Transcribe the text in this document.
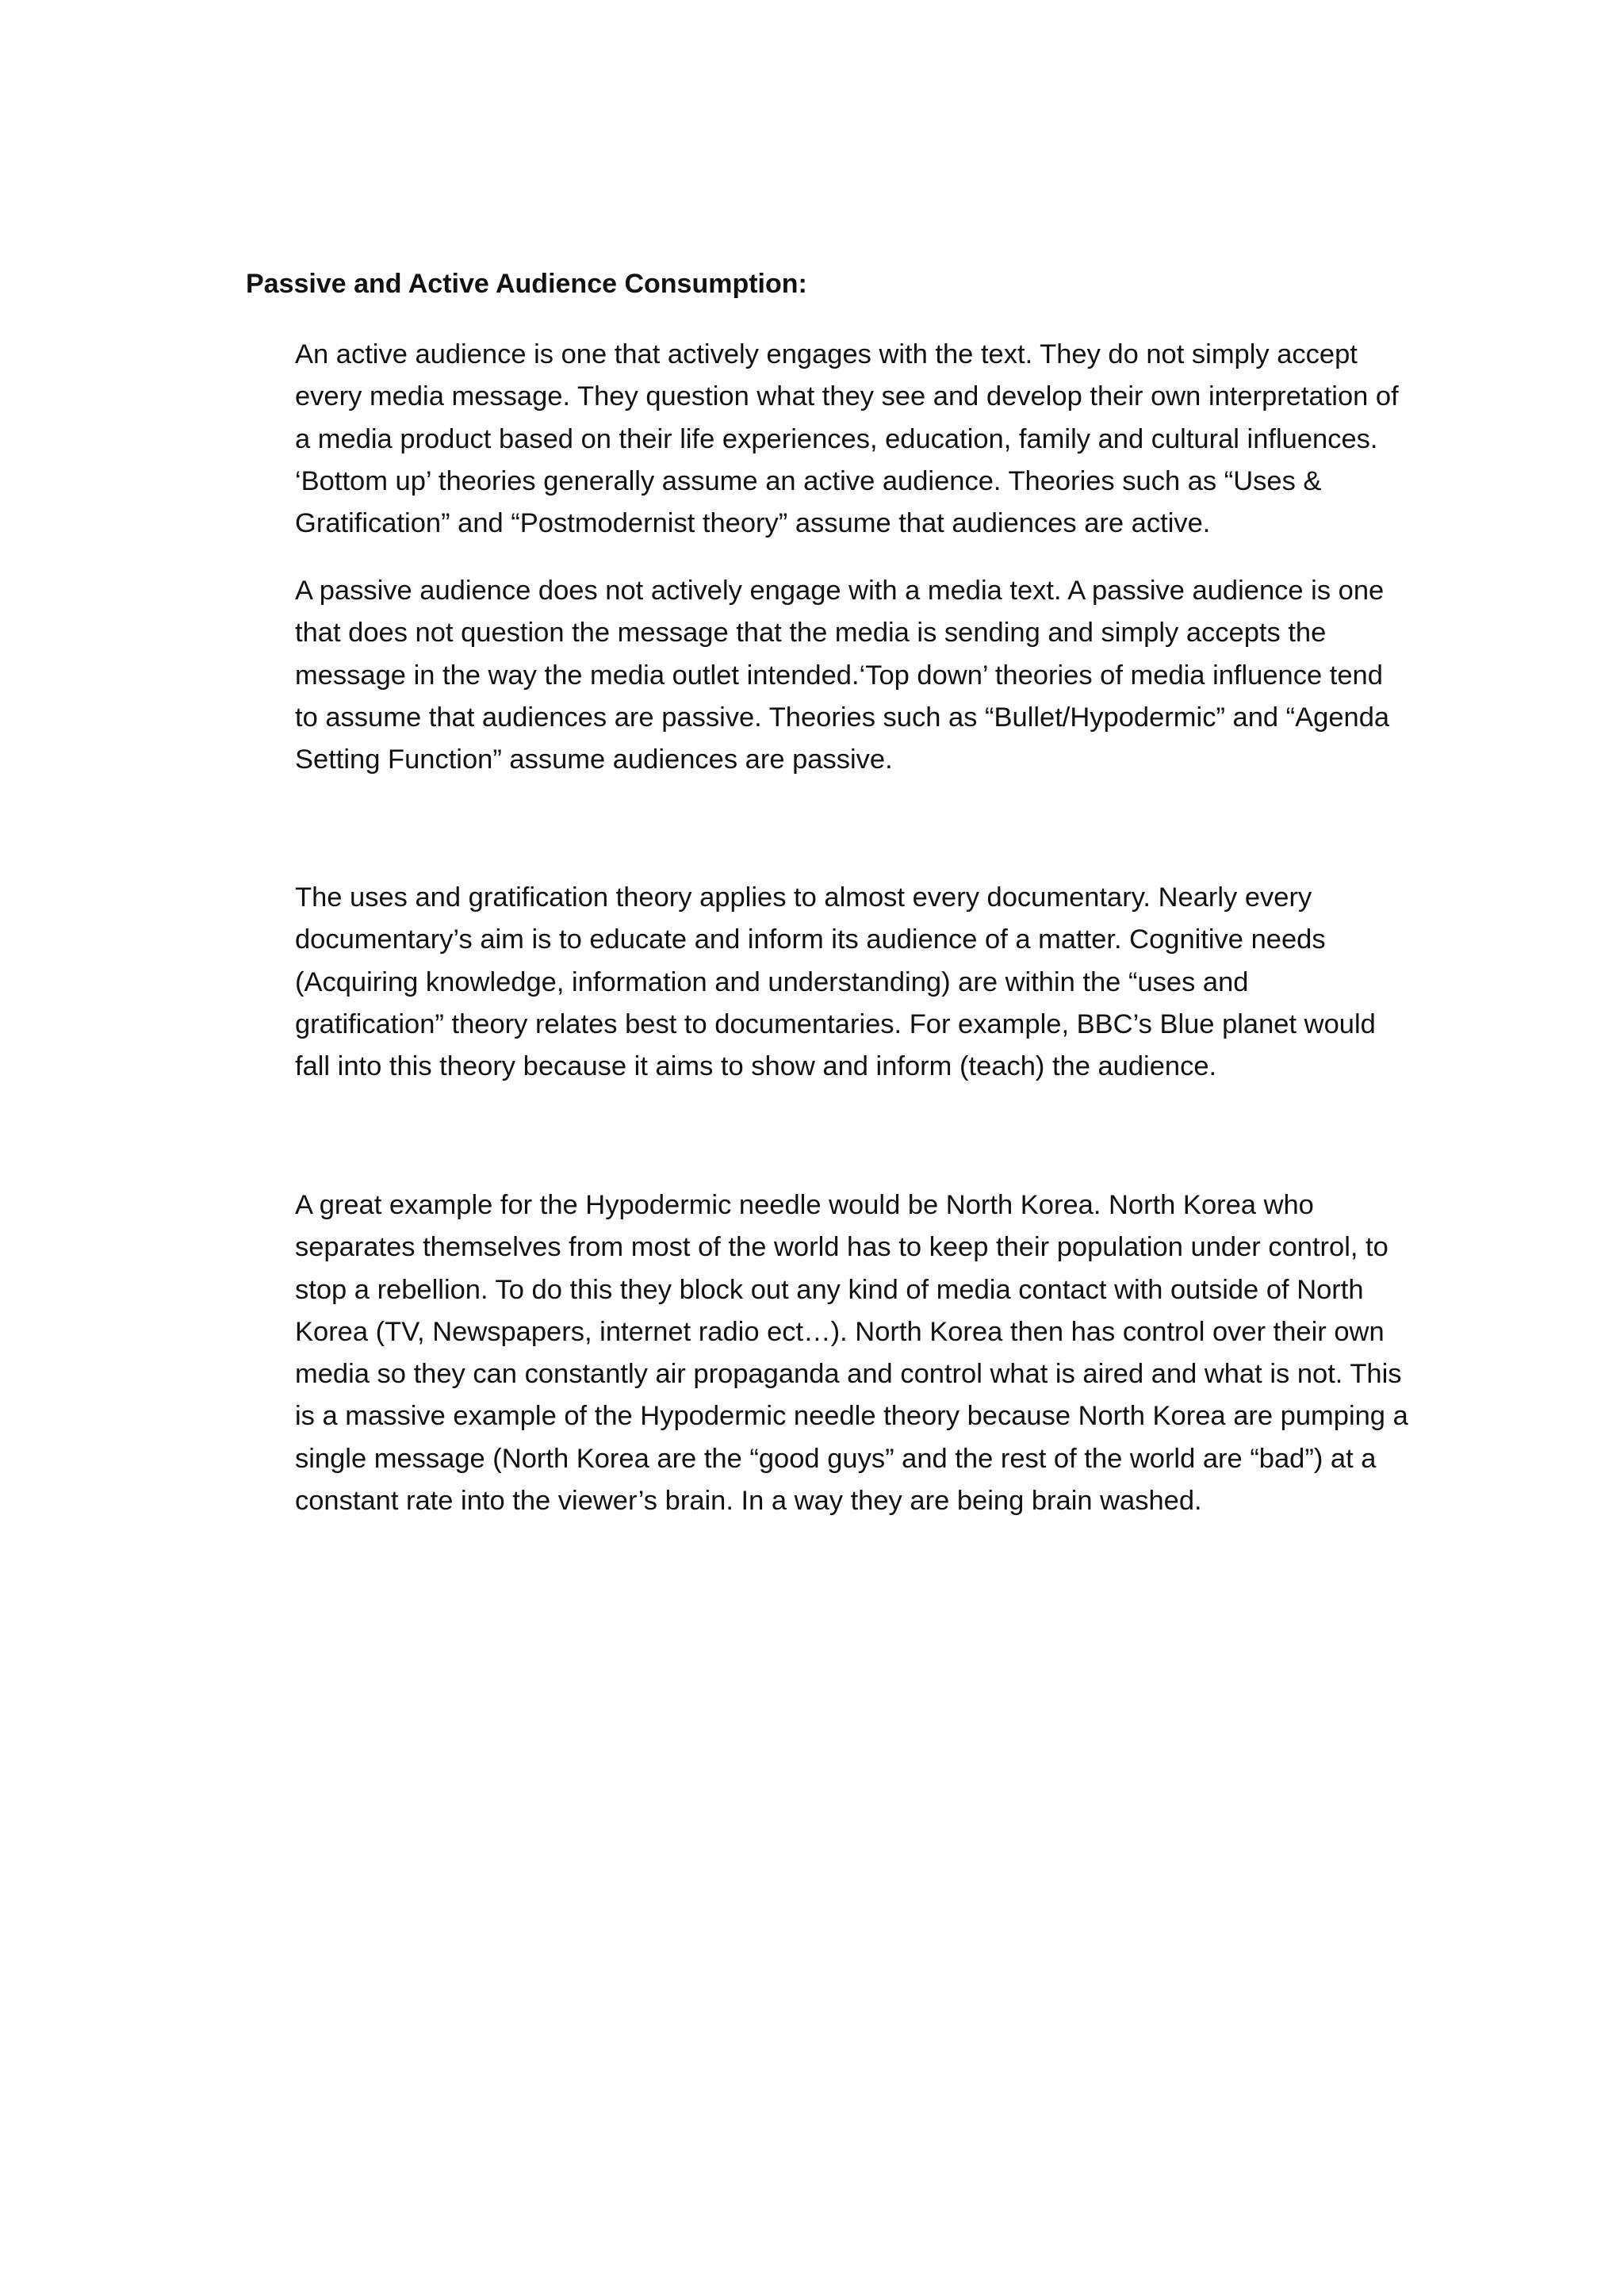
Passive and Active Audience Consumption:

An active audience is one that actively engages with the text. They do not simply accept
every media message. They question what they see and develop their own interpretation of
a media product based on their life experiences, education, family and cultural influences.
‘Bottom up’ theories generally assume an active audience. Theories such as “Uses &
Gratification” and “Postmodernist theory” assume that audiences are active.

A passive audience does not actively engage with a media text. A passive audience is one
that does not question the message that the media is sending and simply accepts the
message in the way the media outlet intended.‘Top down’ theories of media influence tend
to assume that audiences are passive. Theories such as “Bullet/Hypodermic” and “Agenda
Setting Function” assume audiences are passive.

The uses and gratification theory applies to almost every documentary. Nearly every
documentary’s aim is to educate and inform its audience of a matter. Cognitive needs
(Acquiring knowledge, information and understanding) are within the “uses and
gratification” theory relates best to documentaries. For example, BBC’s Blue planet would
fall into this theory because it aims to show and inform (teach) the audience.

A great example for the Hypodermic needle would be North Korea. North Korea who
separates themselves from most of the world has to keep their population under control, to
stop a rebellion. To do this they block out any kind of media contact with outside of North
Korea (TV, Newspapers, internet radio ect…). North Korea then has control over their own
media so they can constantly air propaganda and control what is aired and what is not. This
is a massive example of the Hypodermic needle theory because North Korea are pumping a
single message (North Korea are the “good guys” and the rest of the world are “bad”) at a
constant rate into the viewer’s brain. In a way they are being brain washed.
